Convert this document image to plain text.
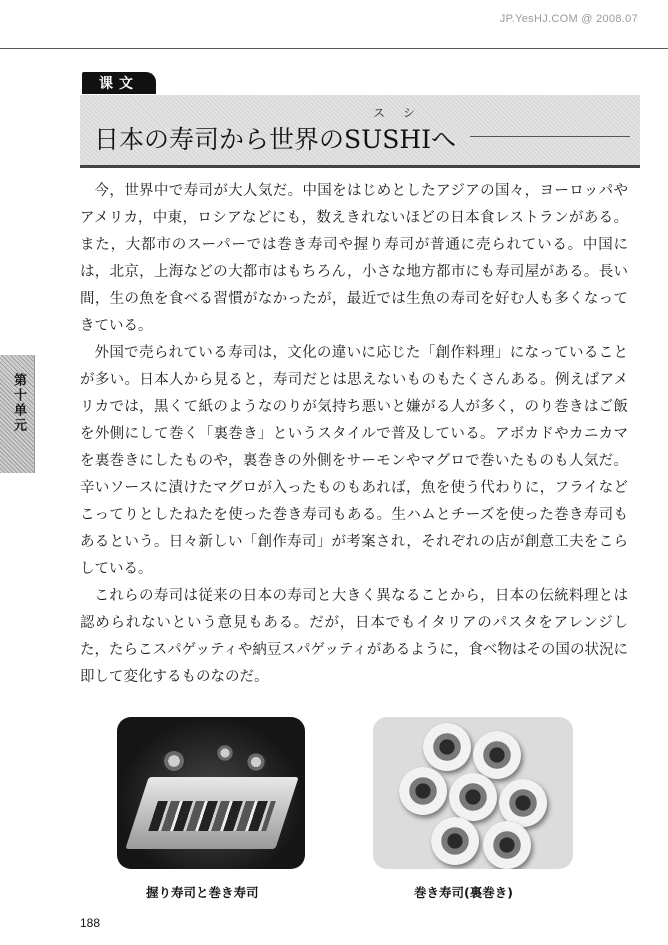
JP.YesHJ.COM @ 2008.07
课文
スシ
日本の寿司から世界のSUSHIへ
第十单元

今，世界中で寿司が大人気だ。中国をはじめとしたアジアの国々，ヨーロッパやアメリカ，中東，ロシアなどにも，数えきれないほどの日本食レストランがある。また，大都市のスーパーでは巻き寿司や握り寿司が普通に売られている。中国には，北京，上海などの大都市はもちろん，小さな地方都市にも寿司屋がある。長い間，生の魚を食べる習慣がなかったが，最近では生魚の寿司を好む人も多くなってきている。

外国で売られている寿司は，文化の違いに応じた「創作料理」になっていることが多い。日本人から見ると，寿司だとは思えないものもたくさんある。例えばアメリカでは，黒くて紙のようなのりが気持ち悪いと嫌がる人が多く，のり巻きはご飯を外側にして巻く「裏巻き」というスタイルで普及している。アボカドやカニカマを裏巻きにしたものや，裏巻きの外側をサーモンやマグロで巻いたものも人気だ。辛いソースに漬けたマグロが入ったものもあれば，魚を使う代わりに，フライなどこってりとしたねたを使った巻き寿司もある。生ハムとチーズを使った巻き寿司もあるという。日々新しい「創作寿司」が考案され，それぞれの店が創意工夫をこらしている。

これらの寿司は従来の日本の寿司と大きく異なることから，日本の伝統料理とは認められないという意見もある。だが，日本でもイタリアのパスタをアレンジした，たらこスパゲッティや納豆スパゲッティがあるように，食べ物はその国の状況に即して変化するものなのだ。

握り寿司と巻き寿司	巻き寿司(裏巻き)
188
